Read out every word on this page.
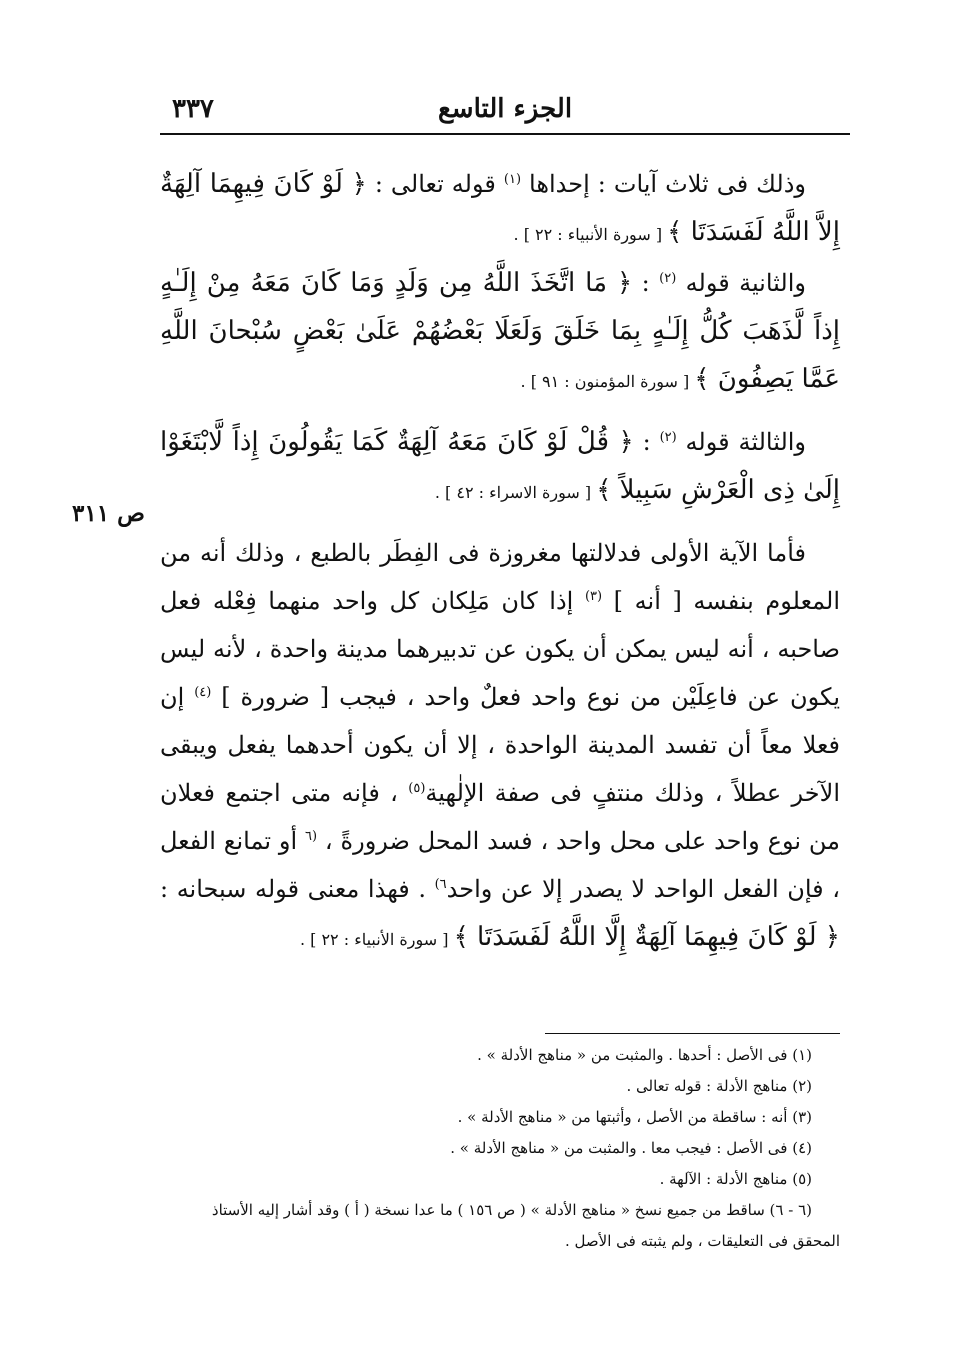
٣٣٧	الجزء التاسع
ص ٣١١

وذلك فى ثلاث آيات : إحداها $^{(١)}$ قوله تعالى : ﴿ لَوْ كَانَ فِيهِمَا آلِهَةٌ إِلاَّ اللَّهُ لَفَسَدَتَا ﴾ [ سورة الأنبياء : ٢٢ ] .

والثانية قوله $^{(٢)}$ : ﴿ مَا اتَّخَذَ اللَّهُ مِن وَلَدٍ وَمَا كَانَ مَعَهُ مِنْ إِلَـٰهٍ إِذاً لَّذَهَبَ كُلُّ إِلَـٰهٍ بِمَا خَلَقَ وَلَعَلَا بَعْضُهُمْ عَلَىٰ بَعْضٍ سُبْحانَ اللَّهِ عَمَّا يَصِفُونَ ﴾ [ سورة المؤمنون : ٩١ ] .

والثالثة قوله $^{(٢)}$ : ﴿ قُلْ لَوْ كَانَ مَعَهُ آلِهَةٌ كَمَا يَقُولُونَ إِذاً لَّابْتَغَوْا إِلَىٰ ذِى الْعَرْشِ سَبِيلاً ﴾ [ سورة الاسراء : ٤٢ ] .

فأما الآية الأولى فدلالتها مغروزة فى الفِطَر بالطبع ، وذلك أنه من المعلوم بنفسه [ أنه ] $^{(٣)}$ إذا كان مَلِكان كل واحد منهما فِعْله فعل صاحبه ، أنه ليس يمكن أن يكون عن تدبيرهما مدينة واحدة ، لأنه ليس يكون عن فاعِلَيْن من نوع واحد فعلٌ واحد ، فيجب [ ضرورة ] $^{(٤)}$ إن فعلا معاً أن تفسد المدينة الواحدة ، إلا أن يكون أحدهما يفعل ويبقى الآخر عطلاً ، وذلك منتفٍ فى صفة الإلٰهية$^{(٥)}$ ، فإنه متى اجتمع فعلان من نوع واحد على محل واحد ، فسد المحل ضرورةً ، $^{(٦}$ أو تمانع الفعل ، فإن الفعل الواحد لا يصدر إلا عن واحد$^{٦)}$ . فهذا معنى قوله سبحانه : ﴿ لَوْ كَانَ فِيهِمَا آلِهَةٌ إِلَّا اللَّهُ لَفَسَدَتَا ﴾ [ سورة الأنبياء : ٢٢ ] .

(١) فى الأصل : أحدها . والمثبت من « مناهج الأدلة » .
(٢) مناهج الأدلة : قوله تعالى .
(٣) أنه : ساقطة من الأصل ، وأثبتها من « مناهج الأدلة » .
(٤) فى الأصل : فيجب معا . والمثبت من « مناهج الأدلة » .
(٥) مناهج الأدلة : الآلهة .
(٦ - ٦) ساقط من جميع نسخ « مناهج الأدلة » ( ص ١٥٦ ) ما عدا نسخة ( أ ) وقد أشار إليه الأستاذ
المحقق فى التعليقات ، ولم يثبته فى الأصل .
